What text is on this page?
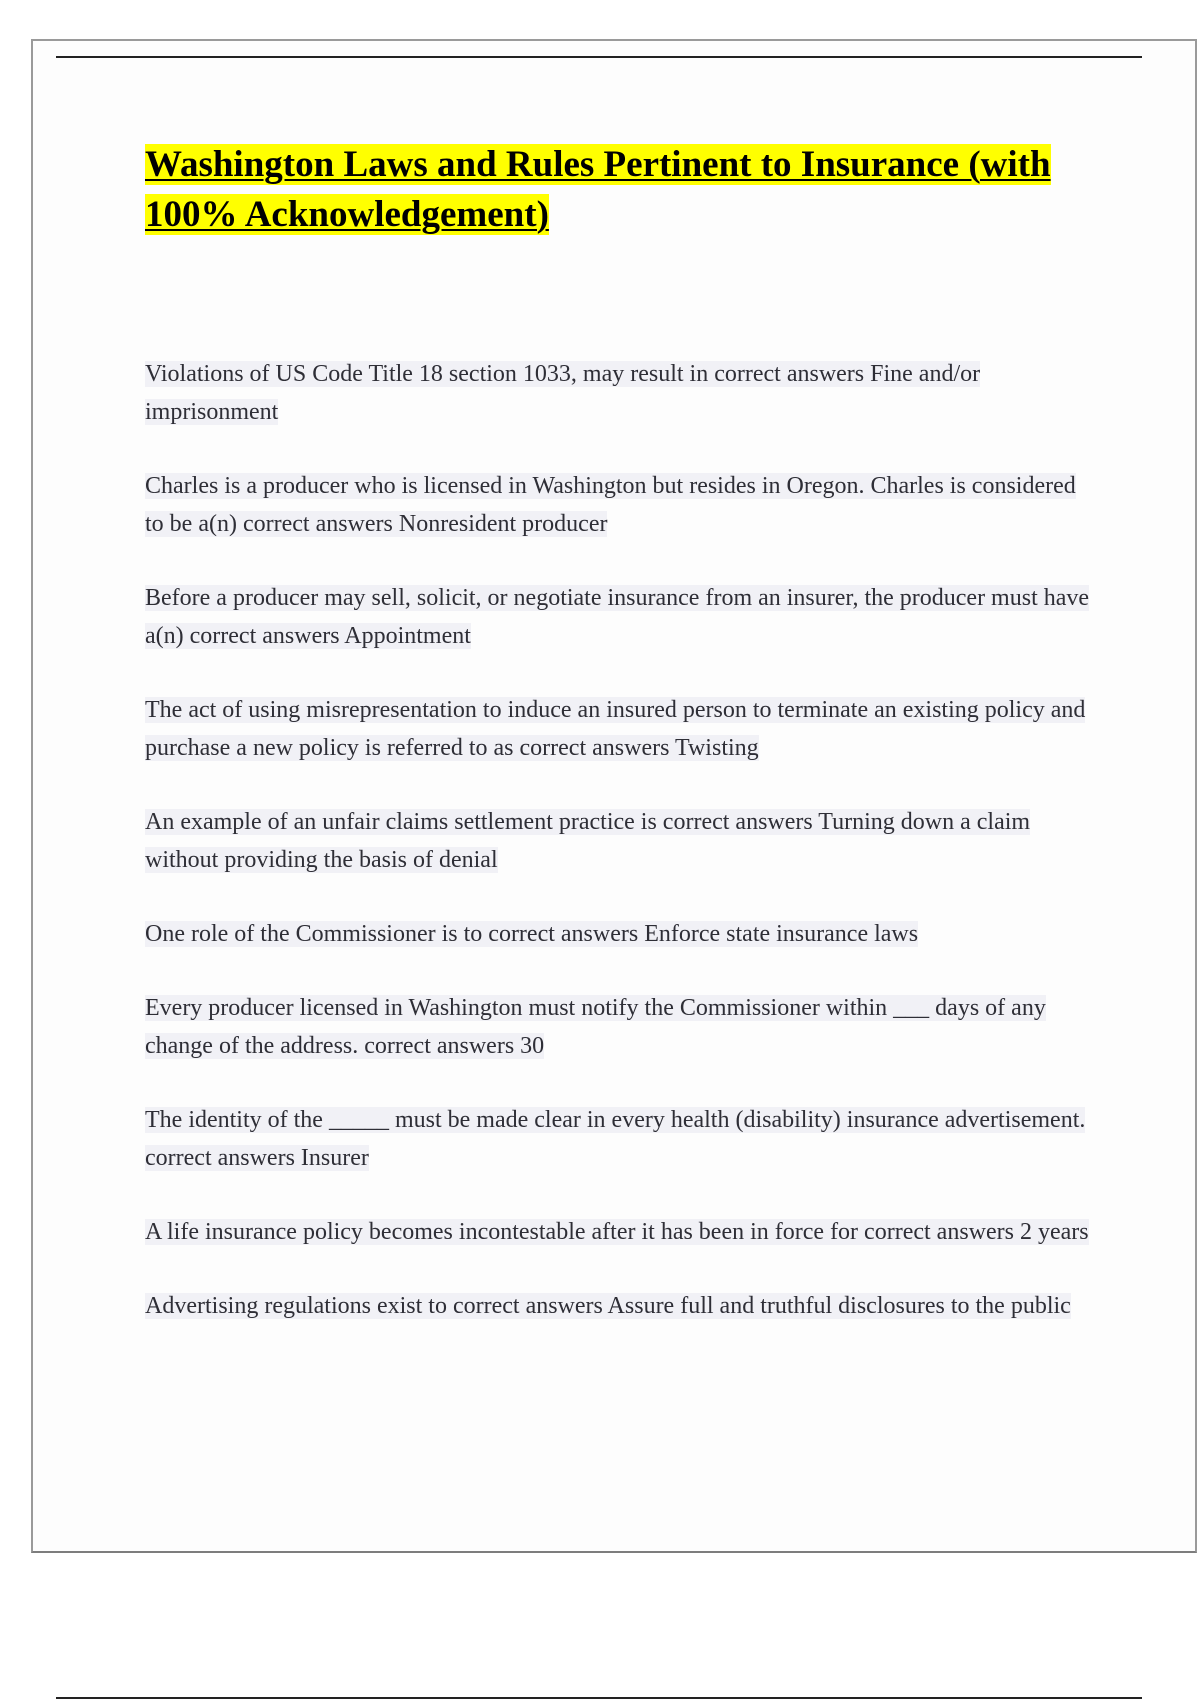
Washington Laws and Rules Pertinent to Insurance (with 100% Acknowledgement)

Violations of US Code Title 18 section 1033, may result in correct answers Fine and/or imprisonment

Charles is a producer who is licensed in Washington but resides in Oregon. Charles is considered to be a(n) correct answers Nonresident producer

Before a producer may sell, solicit, or negotiate insurance from an insurer, the producer must have a(n) correct answers Appointment

The act of using misrepresentation to induce an insured person to terminate an existing policy and purchase a new policy is referred to as correct answers Twisting

An example of an unfair claims settlement practice is correct answers Turning down a claim without providing the basis of denial

One role of the Commissioner is to correct answers Enforce state insurance laws

Every producer licensed in Washington must notify the Commissioner within ___ days of any change of the address. correct answers 30

The identity of the _____ must be made clear in every health (disability) insurance advertisement. correct answers Insurer

A life insurance policy becomes incontestable after it has been in force for correct answers 2 years

Advertising regulations exist to correct answers Assure full and truthful disclosures to the public
